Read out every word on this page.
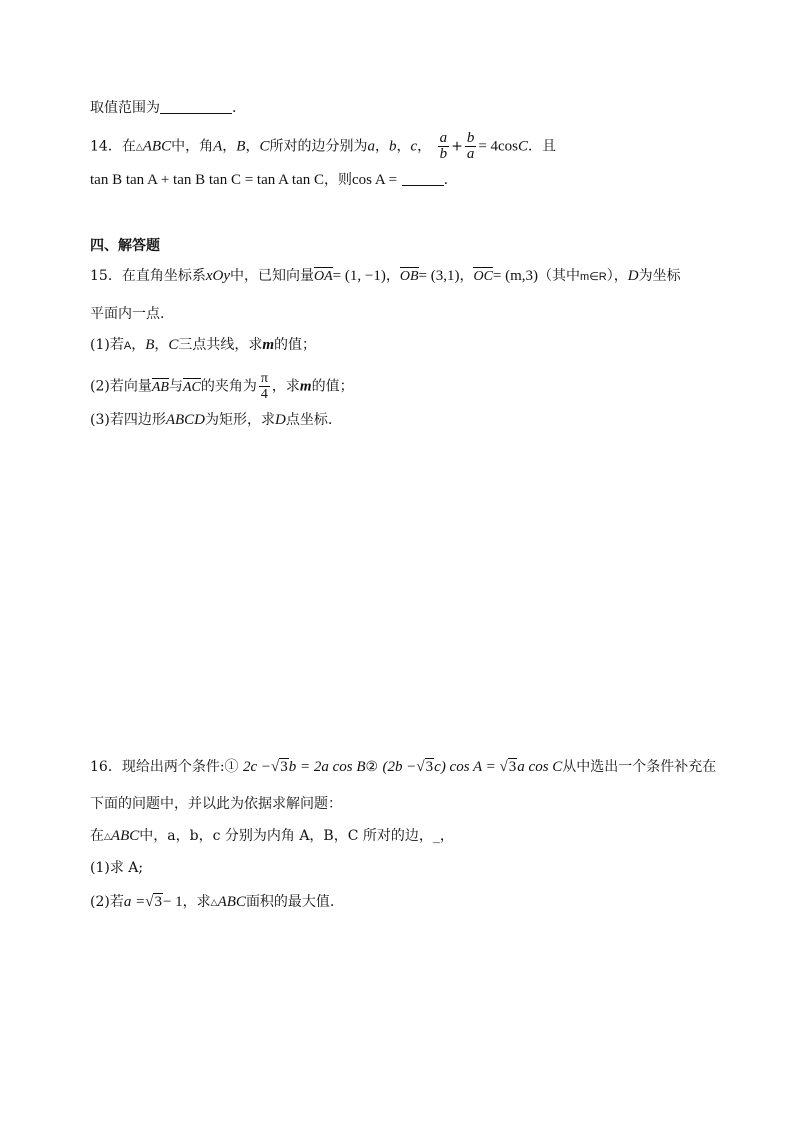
取值范围为	.
14．在△ABC中，角A，B，C所对的边分别为a，b，c， $\frac{a}{b} + \frac{b}{a} = 4\cos C$．且
tan B tan A + tan B tan C = tan A tan C，则cos A =	.
四、解答题
15．在直角坐标系xOy中，已知向量OA= (1, −1)，OB= (3,1)，OC= (m,3)（其中m∈R），D为坐标
平面内一点.
(1)若A，B，C三点共线，求m的值；
(2)若向量AB与AC的夹角为 $\frac{\pi}{4}$ ，求m的值；
(3)若四边形ABCD为矩形，求D点坐标.
16．现给出两个条件:① 2c −√3b = 2a cos B② (2b −√3c) cos A = √3a cos C从中选出一个条件补充在
下面的问题中，并以此为依据求解问题：
在△ABC中，a，b，c 分别为内角 A，B，C 所对的边，_，
(1)求 A;
(2)若a =√3− 1，求△ABC面积的最大值.
